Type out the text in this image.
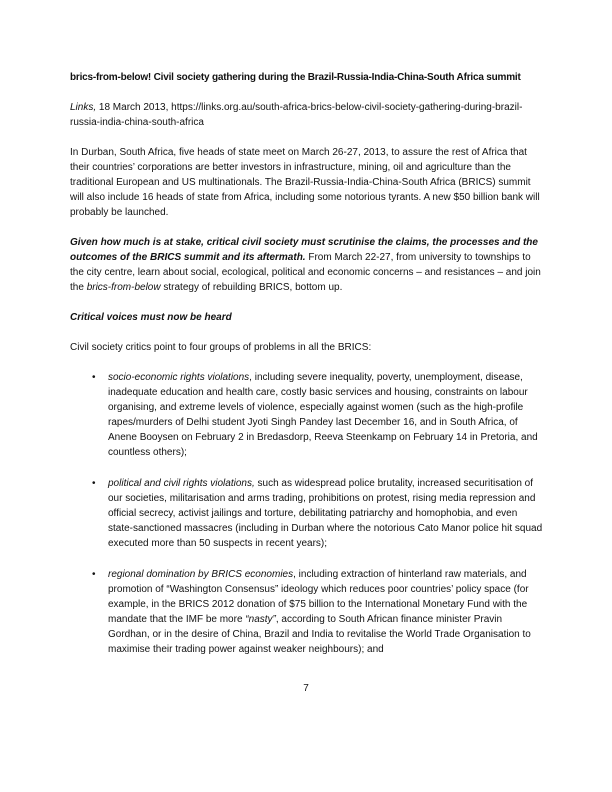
brics-from-below! Civil society gathering during the Brazil-Russia-India-China-South Africa summit
Links, 18 March 2013, https://links.org.au/south-africa-brics-below-civil-society-gathering-during-brazil-russia-india-china-south-africa
In Durban, South Africa, five heads of state meet on March 26-27, 2013, to assure the rest of Africa that their countries’ corporations are better investors in infrastructure, mining, oil and agriculture than the traditional European and US multinationals. The Brazil-Russia-India-China-South Africa (BRICS) summit will also include 16 heads of state from Africa, including some notorious tyrants. A new $50 billion bank will probably be launched.
Given how much is at stake, critical civil society must scrutinise the claims, the processes and the outcomes of the BRICS summit and its aftermath. From March 22-27, from university to townships to the city centre, learn about social, ecological, political and economic concerns – and resistances – and join the brics-from-below strategy of rebuilding BRICS, bottom up.
Critical voices must now be heard
Civil society critics point to four groups of problems in all the BRICS:
• socio-economic rights violations, including severe inequality, poverty, unemployment, disease, inadequate education and health care, costly basic services and housing, constraints on labour organising, and extreme levels of violence, especially against women (such as the high-profile rapes/murders of Delhi student Jyoti Singh Pandey last December 16, and in South Africa, of Anene Booysen on February 2 in Bredasdorp, Reeva Steenkamp on February 14 in Pretoria, and countless others);
• political and civil rights violations, such as widespread police brutality, increased securitisation of our societies, militarisation and arms trading, prohibitions on protest, rising media repression and official secrecy, activist jailings and torture, debilitating patriarchy and homophobia, and even state-sanctioned massacres (including in Durban where the notorious Cato Manor police hit squad executed more than 50 suspects in recent years);
• regional domination by BRICS economies, including extraction of hinterland raw materials, and promotion of “Washington Consensus” ideology which reduces poor countries’ policy space (for example, in the BRICS 2012 donation of $75 billion to the International Monetary Fund with the mandate that the IMF be more “nasty”, according to South African finance minister Pravin Gordhan, or in the desire of China, Brazil and India to revitalise the World Trade Organisation to maximise their trading power against weaker neighbours); and
7
